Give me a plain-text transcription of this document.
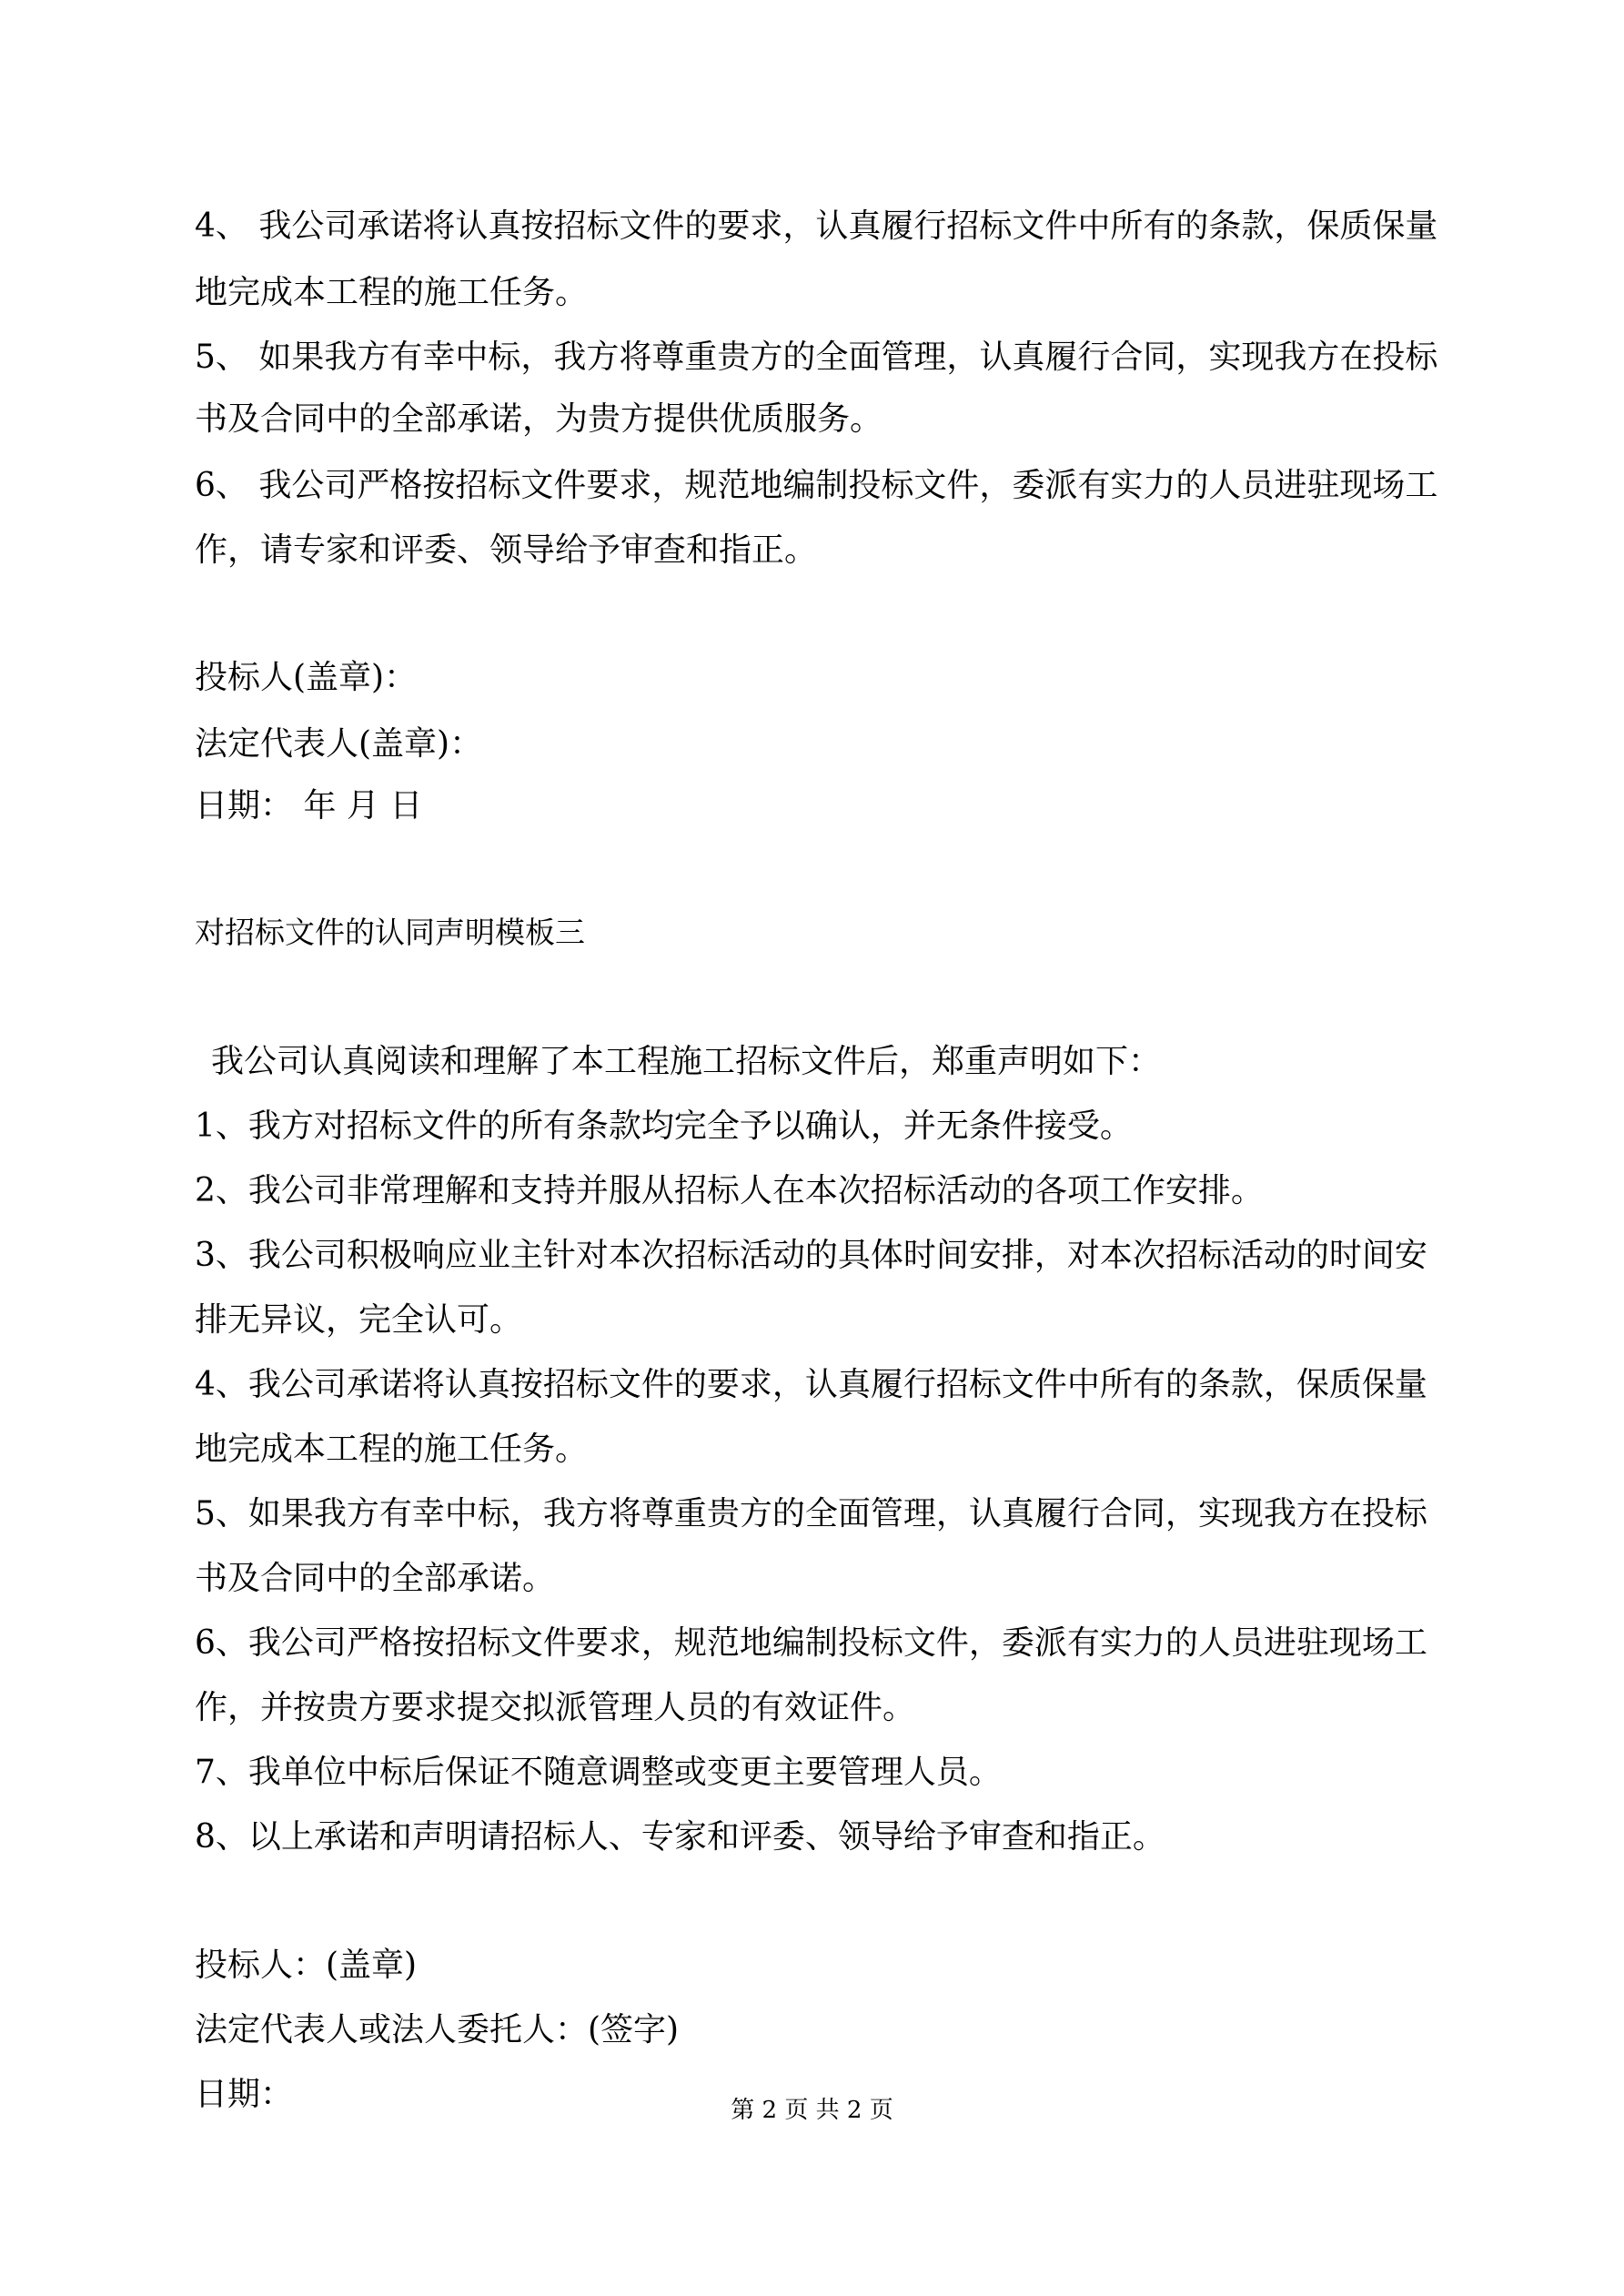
4、 我公司承诺将认真按招标文件的要求，认真履行招标文件中所有的条款，保质保量
地完成本工程的施工任务。
5、 如果我方有幸中标，我方将尊重贵方的全面管理，认真履行合同，实现我方在投标
书及合同中的全部承诺，为贵方提供优质服务。
6、 我公司严格按招标文件要求，规范地编制投标文件，委派有实力的人员进驻现场工
作，请专家和评委、领导给予审查和指正。
投标人(盖章)：
法定代表人(盖章)：
日期： 年 月 日
对招标文件的认同声明模板三
我公司认真阅读和理解了本工程施工招标文件后，郑重声明如下：
1、我方对招标文件的所有条款均完全予以确认，并无条件接受。
2、我公司非常理解和支持并服从招标人在本次招标活动的各项工作安排。
3、我公司积极响应业主针对本次招标活动的具体时间安排，对本次招标活动的时间安
排无异议，完全认可。
4、我公司承诺将认真按招标文件的要求，认真履行招标文件中所有的条款，保质保量
地完成本工程的施工任务。
5、如果我方有幸中标，我方将尊重贵方的全面管理，认真履行合同，实现我方在投标
书及合同中的全部承诺。
6、我公司严格按招标文件要求，规范地编制投标文件，委派有实力的人员进驻现场工
作，并按贵方要求提交拟派管理人员的有效证件。
7、我单位中标后保证不随意调整或变更主要管理人员。
8、以上承诺和声明请招标人、专家和评委、领导给予审查和指正。
投标人：(盖章)
法定代表人或法人委托人：(签字)
日期：	第 2 页 共 2 页
